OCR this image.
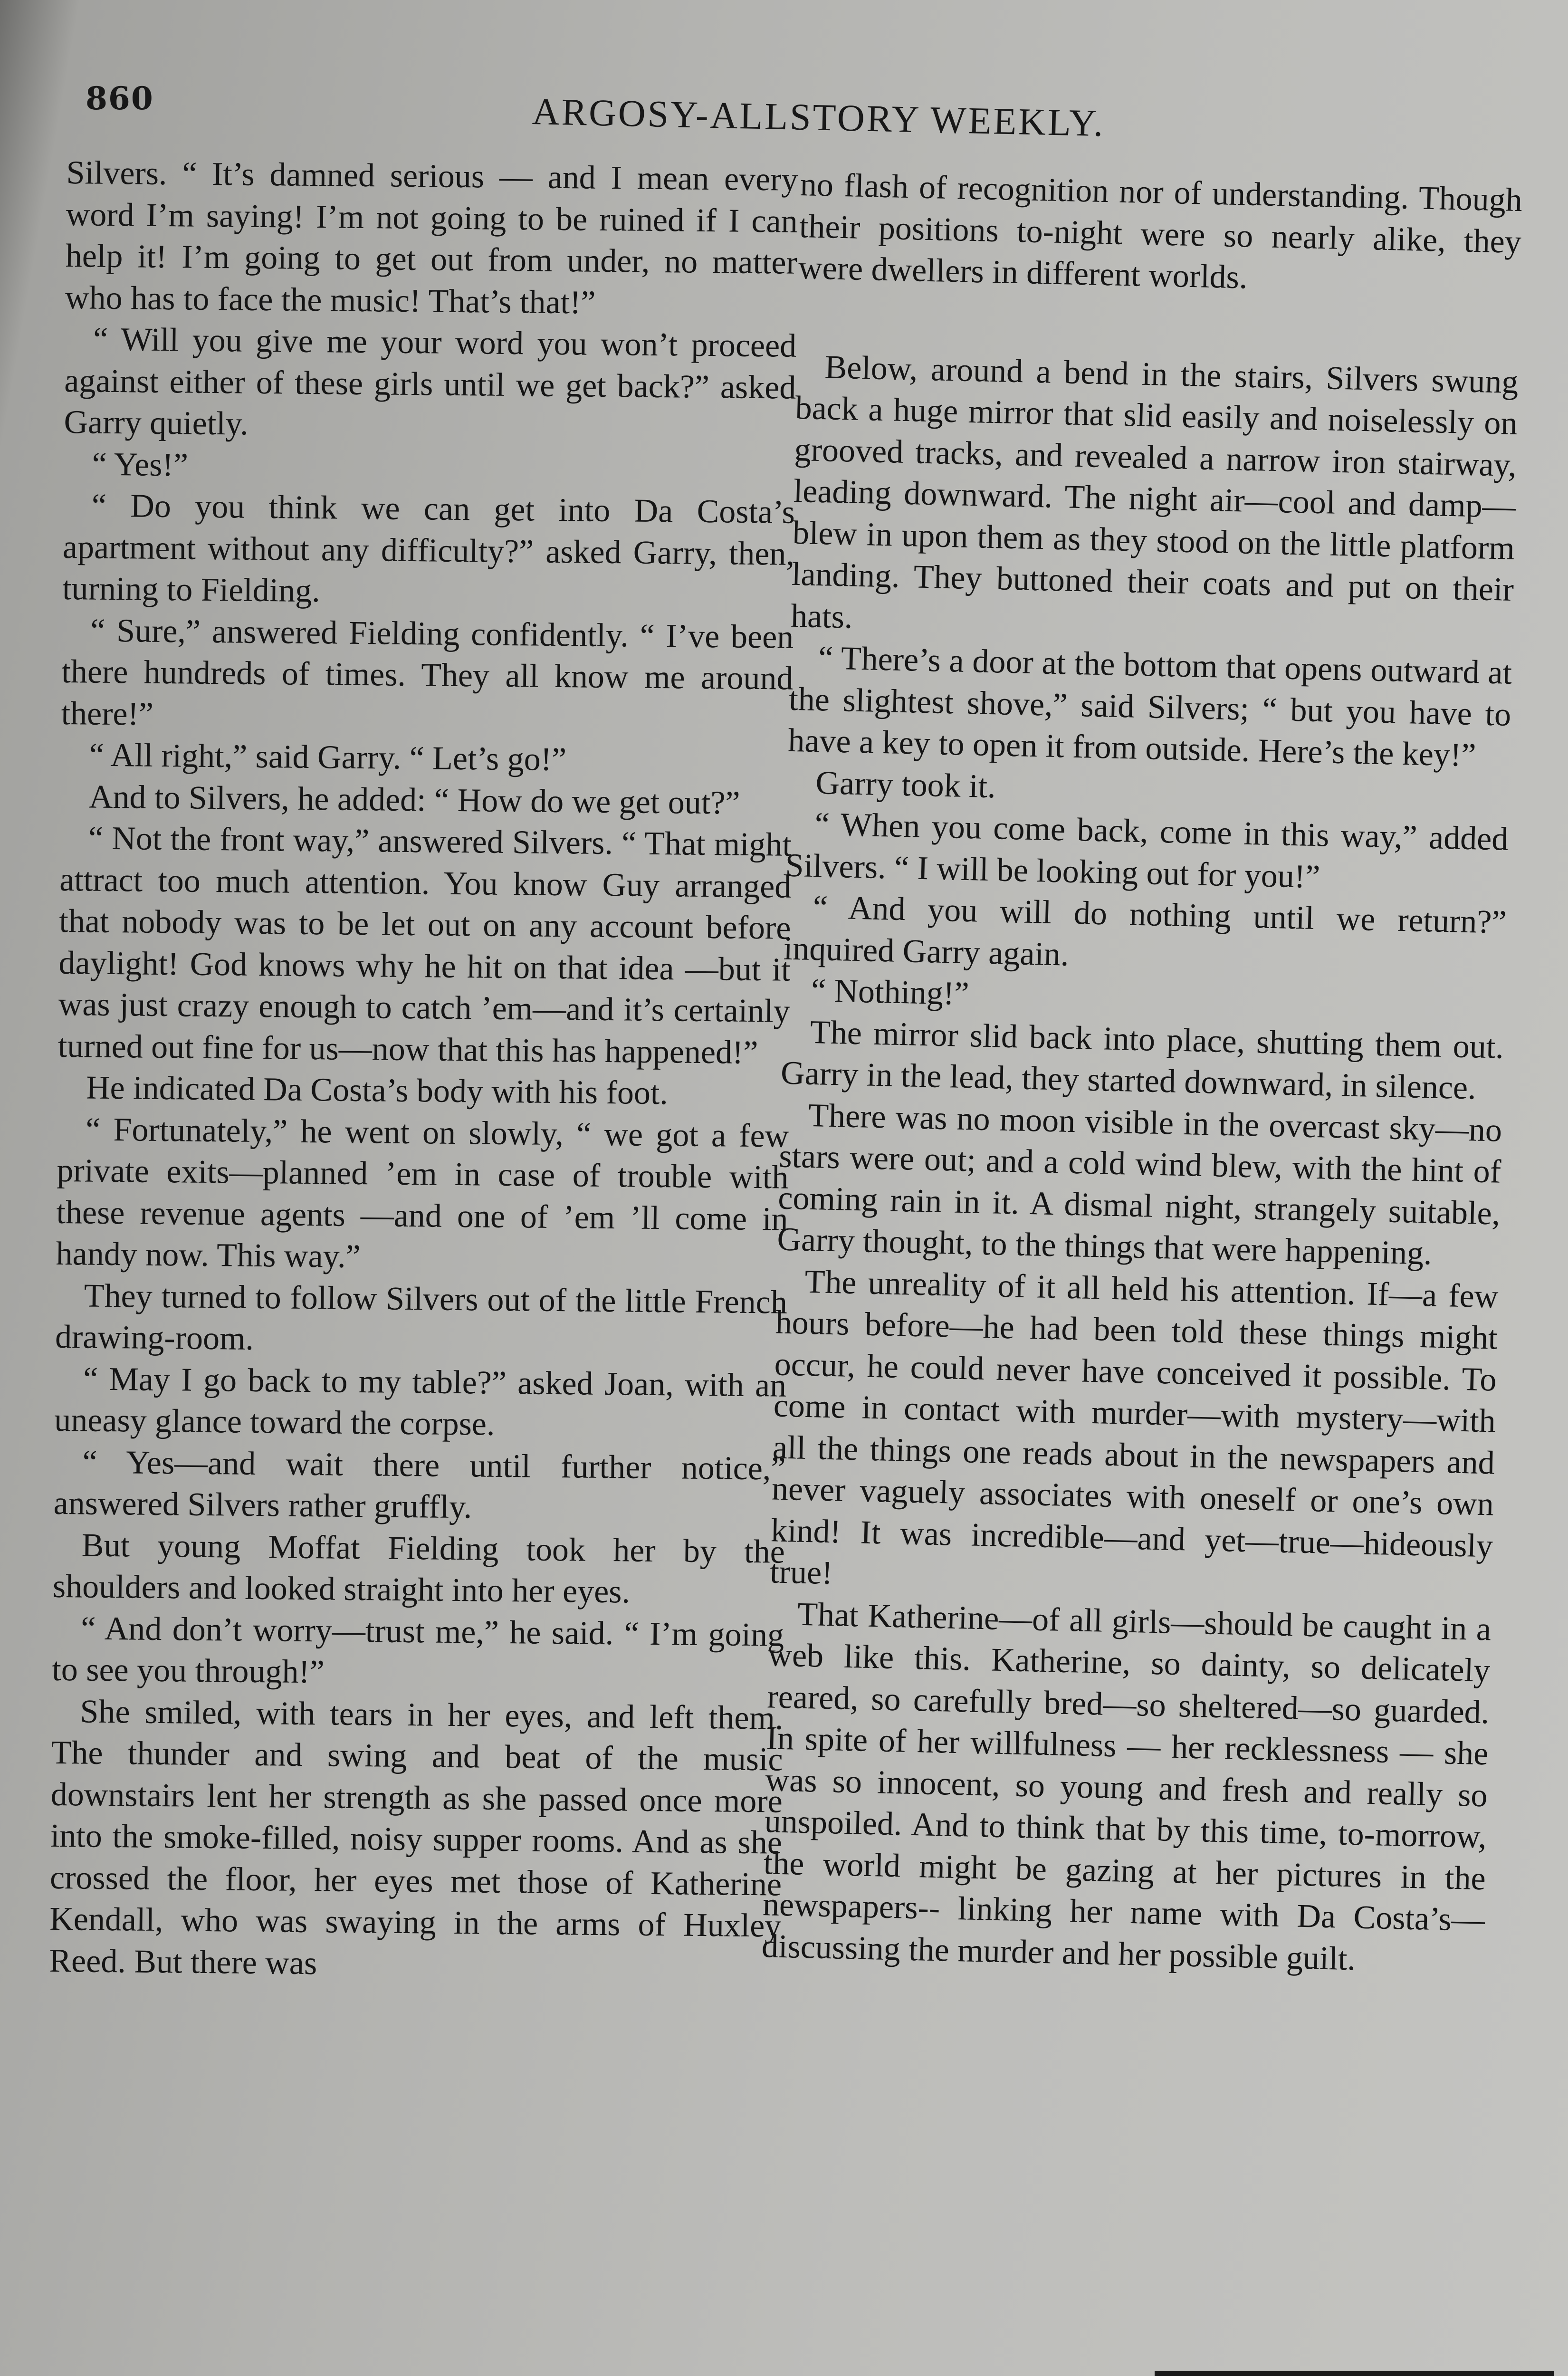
860	ARGOSY-ALLSTORY WEEKLY.

Silvers. “ It’s damned serious — and I mean every word I’m saying! I’m not going to be ruined if I can help it! I’m going to get out from under, no matter who has to face the music! That’s that!”

“ Will you give me your word you won’t proceed against either of these girls until we get back?” asked Garry quietly.

“ Yes!”

“ Do you think we can get into Da Costa’s apartment without any difficulty?” asked Garry, then, turning to Fielding.

“ Sure,” answered Fielding confidently. “ I’ve been there hundreds of times. They all know me around there!”

“ All right,” said Garry. “ Let’s go!”

And to Silvers, he added: “ How do we get out?”

“ Not the front way,” answered Silvers. “ That might attract too much attention. You know Guy arranged that nobody was to be let out on any account before daylight! God knows why he hit on that idea —but it was just crazy enough to catch ’em—and it’s certainly turned out fine for us—now that this has happened!”

He indicated Da Costa’s body with his foot.

“ Fortunately,” he went on slowly, “ we got a few private exits—planned ’em in case of trouble with these revenue agents —and one of ’em ’ll come in handy now. This way.”

They turned to follow Silvers out of the little French drawing-room.

“ May I go back to my table?” asked Joan, with an uneasy glance toward the corpse.

“ Yes—and wait there until further notice,” answered Silvers rather gruffly.

But young Moffat Fielding took her by the shoulders and looked straight into her eyes.

“ And don’t worry—trust me,” he said. “ I’m going to see you through!”

She smiled, with tears in her eyes, and left them. The thunder and swing and beat of the music downstairs lent her strength as she passed once more into the smoke-filled, noisy supper rooms. And as she crossed the floor, her eyes met those of Katherine Kendall, who was swaying in the arms of Huxley Reed. But there was

no flash of recognition nor of understanding. Though their positions to-night were so nearly alike, they were dwellers in different worlds.

Below, around a bend in the stairs, Silvers swung back a huge mirror that slid easily and noiselessly on grooved tracks, and revealed a narrow iron stairway, leading downward. The night air—cool and damp—blew in upon them as they stood on the little platform landing. They buttoned their coats and put on their hats.

“ There’s a door at the bottom that opens outward at the slightest shove,” said Silvers; “ but you have to have a key to open it from outside. Here’s the key!”

Garry took it.

“ When you come back, come in this way,” added Silvers. “ I will be looking out for you!”

“ And you will do nothing until we return?” inquired Garry again.

“ Nothing!”

The mirror slid back into place, shutting them out. Garry in the lead, they started downward, in silence.

There was no moon visible in the overcast sky—no stars were out; and a cold wind blew, with the hint of coming rain in it. A dismal night, strangely suitable, Garry thought, to the things that were happening.

The unreality of it all held his attention. If—a few hours before—he had been told these things might occur, he could never have conceived it possible. To come in contact with murder—with mystery—with all the things one reads about in the newspapers and never vaguely associates with oneself or one’s own kind! It was incredible—and yet—true—hideously true!

That Katherine—of all girls—should be caught in a web like this. Katherine, so dainty, so delicately reared, so carefully bred—so sheltered—so guarded. In spite of her willfulness — her recklessness — she was so innocent, so young and fresh and really so unspoiled. And to think that by this time, to-morrow, the world might be gazing at her pictures in the newspapers-- linking her name with Da Costa’s—discussing the murder and her possible guilt.
